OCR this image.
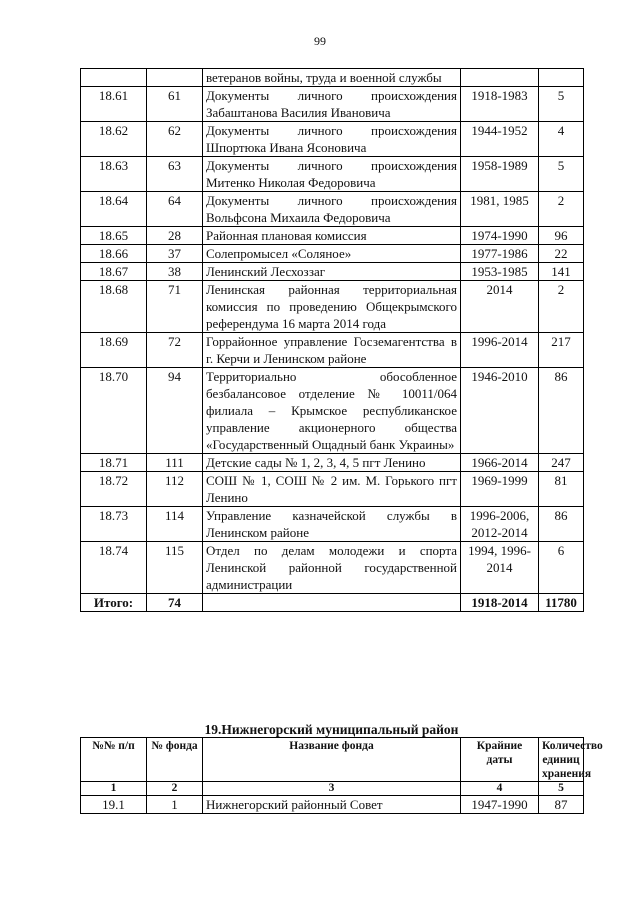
99
		ветеранов войны, труда и военной службы		
18.61	61	Документы личного происхождения Забаштанова Василия Ивановича	1918-1983	5
18.62	62	Документы личного происхождения Шпортюка Ивана Ясоновича	1944-1952	4
18.63	63	Документы личного происхождения Митенко Николая Федоровича	1958-1989	5
18.64	64	Документы личного происхождения Вольфсона Михаила Федоровича	1981, 1985	2
18.65	28	Районная плановая комиссия	1974-1990	96
18.66	37	Солепромысел «Соляное»	1977-1986	22
18.67	38	Ленинский Лесхоззаг	1953-1985	141
18.68	71	Ленинская районная территориальная комиссия по проведению Общекрымского референдума 16 марта 2014 года	2014	2
18.69	72	Горрайонное управление Госземагентства в г. Керчи и Ленинском районе	1996-2014	217
18.70	94	Территориально обособленное безбалансовое отделение № 10011/064 филиала – Крымское республиканское управление акционерного общества «Государственный Ощадный банк Украины»	1946-2010	86
18.71	111	Детские сады № 1, 2, 3, 4, 5 пгт Ленино	1966-2014	247
18.72	112	СОШ № 1, СОШ № 2 им. М. Горького пгт Ленино	1969-1999	81
18.73	114	Управление казначейской службы в Ленинском районе	1996-2006, 2012-2014	86
18.74	115	Отдел по делам молодежи и спорта Ленинской районной государственной администрации	1994, 1996-2014	6
Итого:	74		1918-2014	11780
19.Нижнегорский муниципальный район
№№ п/п	№ фонда	Название фонда	Крайние даты	Количество единиц хранения
1	2	3	4	5
19.1	1	Нижнегорский районный Совет	1947-1990	87
